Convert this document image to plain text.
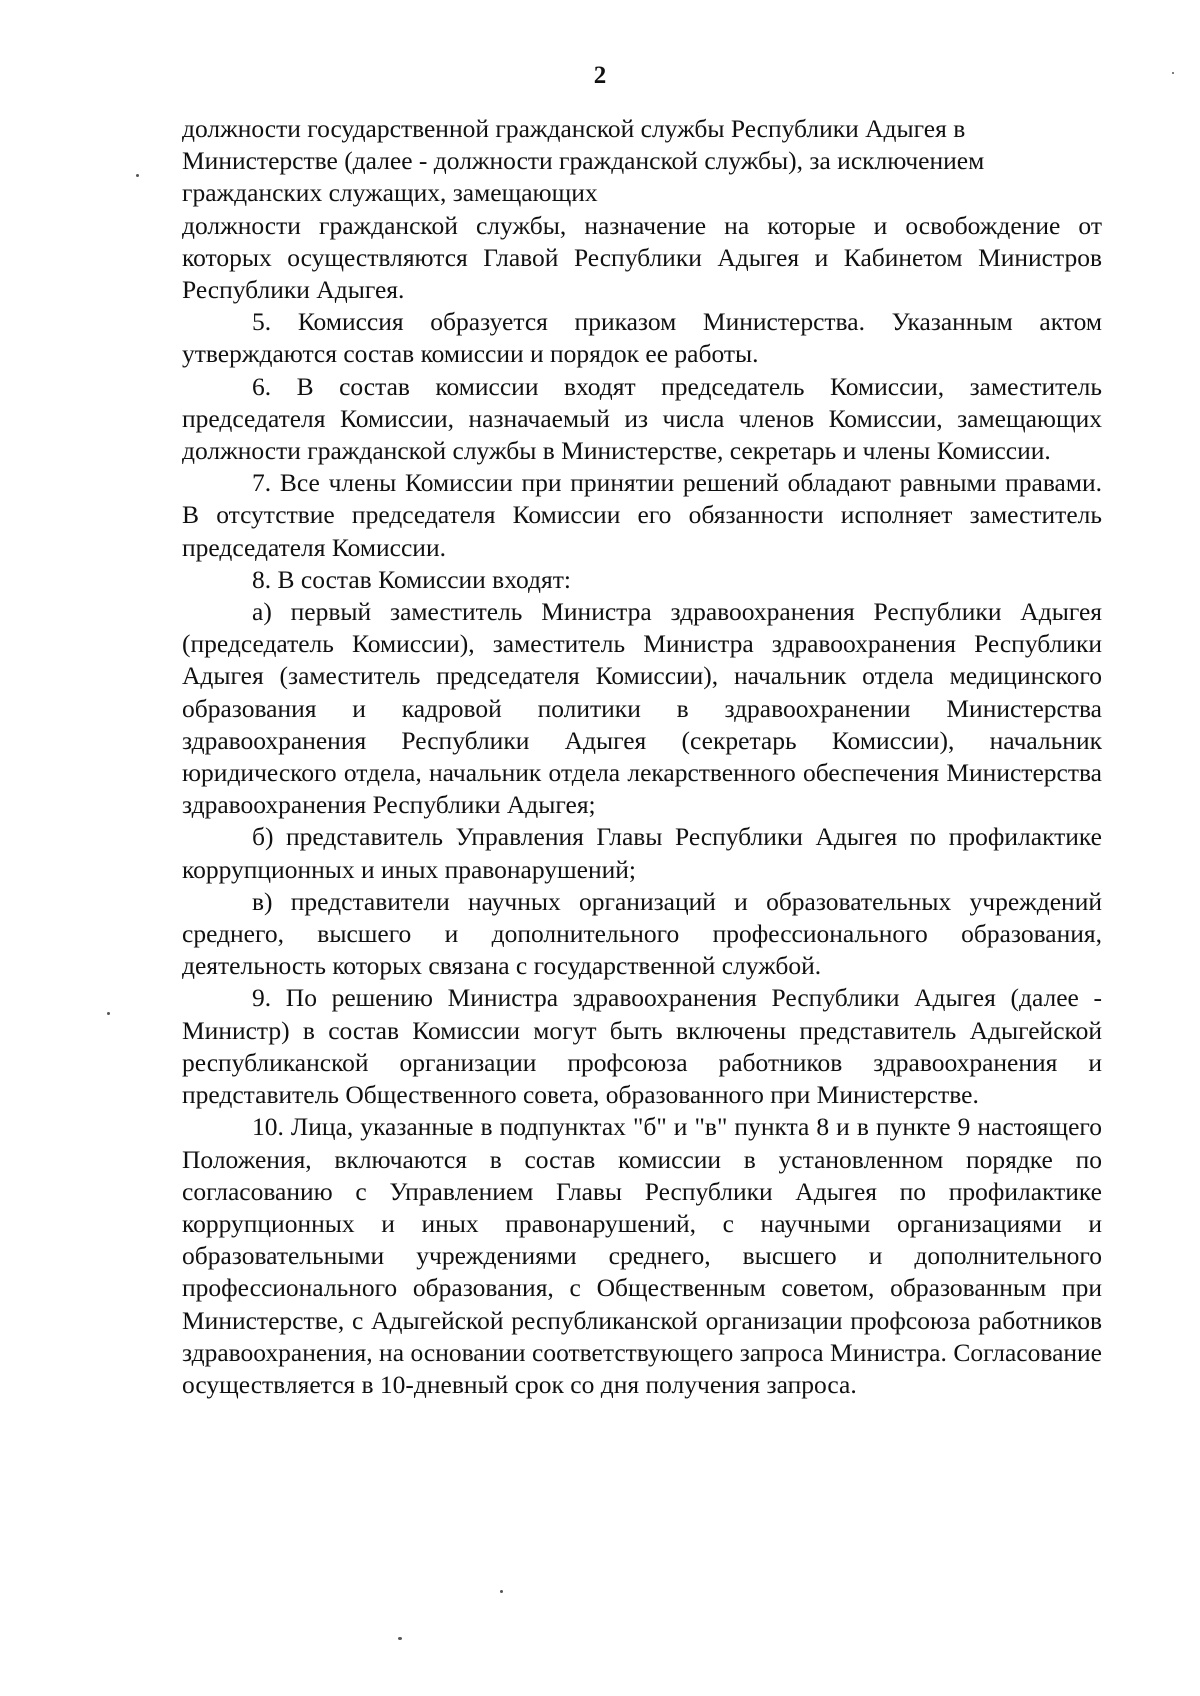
2

должности государственной гражданской службы Республики Адыгея в Министерстве (далее - должности гражданской службы), за исключением гражданских служащих, замещающих

должности гражданской службы, назначение на которые и освобождение от которых осуществляются Главой Республики Адыгея и Кабинетом Министров Республики Адыгея.

5. Комиссия образуется приказом Министерства. Указанным актом утверждаются состав комиссии и порядок ее работы.

6. В состав комиссии входят председатель Комиссии, заместитель председателя Комиссии, назначаемый из числа членов Комиссии, замещающих должности гражданской службы в Министерстве, секретарь и члены Комиссии.

7. Все члены Комиссии при принятии решений обладают равными правами. В отсутствие председателя Комиссии его обязанности исполняет заместитель председателя Комиссии.

8. В состав Комиссии входят:

а) первый заместитель Министра здравоохранения Республики Адыгея (председатель Комиссии), заместитель Министра здравоохранения Республики Адыгея (заместитель председателя Комиссии), начальник отдела медицинского образования и кадровой политики в здравоохранении Министерства здравоохранения Республики Адыгея (секретарь Комиссии), начальник юридического отдела, начальник отдела лекарственного обеспечения Министерства здравоохранения Республики Адыгея;

б) представитель Управления Главы Республики Адыгея по профилактике коррупционных и иных правонарушений;

в) представители научных организаций и образовательных учреждений среднего, высшего и дополнительного профессионального образования, деятельность которых связана с государственной службой.

9. По решению Министра здравоохранения Республики Адыгея (далее - Министр) в состав Комиссии могут быть включены представитель Адыгейской республиканской организации профсоюза работников здравоохранения и представитель Общественного совета, образованного при Министерстве.

10. Лица, указанные в подпунктах "б" и "в" пункта 8 и в пункте 9 настоящего Положения, включаются в состав комиссии в установленном порядке по согласованию с Управлением Главы Республики Адыгея по профилактике коррупционных и иных правонарушений, с научными организациями и образовательными учреждениями среднего, высшего и дополнительного профессионального образования, с Общественным советом, образованным при Министерстве, с Адыгейской республиканской организации профсоюза работников здравоохранения, на основании соответствующего запроса Министра. Согласование осуществляется в 10-дневный срок со дня получения запроса.
